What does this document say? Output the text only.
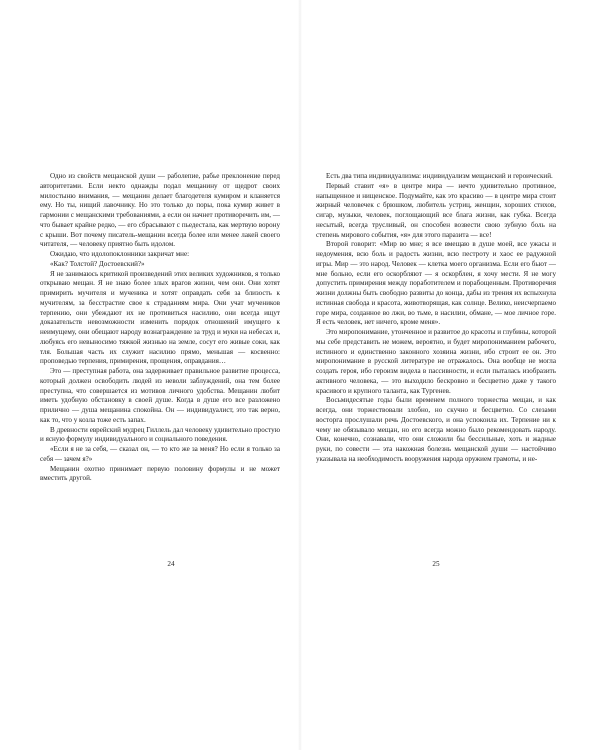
Одно из свойств мещанской души — раболепие, рабье преклонение перед авторитетами. Если некто однажды подал мещанину от щедрот своих милостыню внимания, — мещанин делает благодетеля кумиром и кланяется ему. Но ты, нищий лавочнику. Но это только до поры, пока кумир живет в гармонии с мещанскими требованиями, а если он начнет противоречить им, — что бывает крайне редко, — его сбрасывают с пьедестала, как мертвую ворону с крыши. Вот почему писатель-мещанин всегда более или менее лакей своего читателя, — человеку приятно быть идолом.

Ожидаю, что идолопоклонники закричат мне:

«Как? Толстой? Достоевский?»

Я не занимаюсь критикой произведений этих великих художников, я только открываю мещан. Я не знаю более злых врагов жизни, чем они. Они хотят примирить мучителя и мученика и хотят оправдать себя за близость к мучителям, за бесстрастие свое к страданиям мира. Они учат мучеников терпению, они убеждают их не противиться насилию, они всегда ищут доказательств невозможности изменить порядок отношений имущего к неимущему, они обещают народу вознаграждение за труд и муки на небесах и, любуясь его невыносимо тяжкой жизнью на земле, сосут его живые соки, как тля. Большая часть их служит насилию прямо, меньшая — косвенно: проповедью терпения, примирения, прощения, оправдания…

Это — преступная работа, она задерживает правильное развитие процесса, который должен освободить людей из неволи заблуждений, она тем более преступна, что совершается из мотивов личного удобства. Мещанин любит иметь удобную обстановку в своей душе. Когда в душе его все разложено прилично — душа мещанина спокойна. Он — индивидуалист, это так верно, как то, что у козла тоже есть запах.

В древности еврейский мудрец Гиллель дал человеку удивительно простую и ясную формулу индивидуального и социального поведения.

«Если я не за себя, — сказал он, — то кто же за меня? Но если я только за себя — зачем я?»

Мещанин охотно принимает первую половину формулы и не может вместить другой.

24

Есть два типа индивидуализма: индивидуализм мещанский и героический.

Первый ставит «я» в центре мира — нечто удивительно противное, напыщенное и нищенское. Подумайте, как это красиво — в центре мира стоит жирный человечек с брюшком, любитель устриц, женщин, хороших стихов, сигар, музыки, человек, поглощающий все блага жизни, как губка. Всегда несытый, всегда трусливый, он способен возвести свою зубную боль на степень мирового события, «я» для этого паразита — все!

Второй говорит: «Мир во мне; я все вмещаю в душе моей, все ужасы и недоумения, всю боль и радость жизни, всю пестроту и хаос ее радужной игры. Мир — это народ. Человек — клетка моего организма. Если его бьют — мне больно, если его оскорбляют — я оскорблен, я хочу мести. Я не могу допустить примирения между поработителем и порабощенным. Противоречия жизни должны быть свободно развиты до конца, дабы из трения их вспыхнула истинная свобода и красота, животворящая, как солнце. Велико, неисчерпаемо горе мира, созданное во лжи, во тьме, в насилии, обмане, — мое личное горе. Я есть человек, нет ничего, кроме меня».

Это миропонимание, утонченное и развитое до красоты и глубины, которой мы себе представить не можем, вероятно, и будет миропониманием рабочего, истинного и единственно законного хозяина жизни, ибо строит ее он. Это миропонимание в русской литературе не отражалось. Она вообще не могла создать героя, ибо героизм видела в пассивности, и если пыталась изобразить активного человека, — это выходило бескровно и бесцветно даже у такого красивого и крупного таланта, как Тургенев.

Восьмидесятые годы были временем полного торжества мещан, и как всегда, они торжествовали злобно, но скучно и бесцветно. Со слезами восторга прослушали речь Достоевского, и она успокоила их. Терпение ни к чему не обязывало мещан, но его всегда можно было рекомендовать народу. Они, конечно, сознавали, что они сложили бы бессильные, хоть и жадные руки, по совести — эта накожная болезнь мещанской души — настойчиво указывала на необходимость вооружения народа оружием грамоты, и не-

25
